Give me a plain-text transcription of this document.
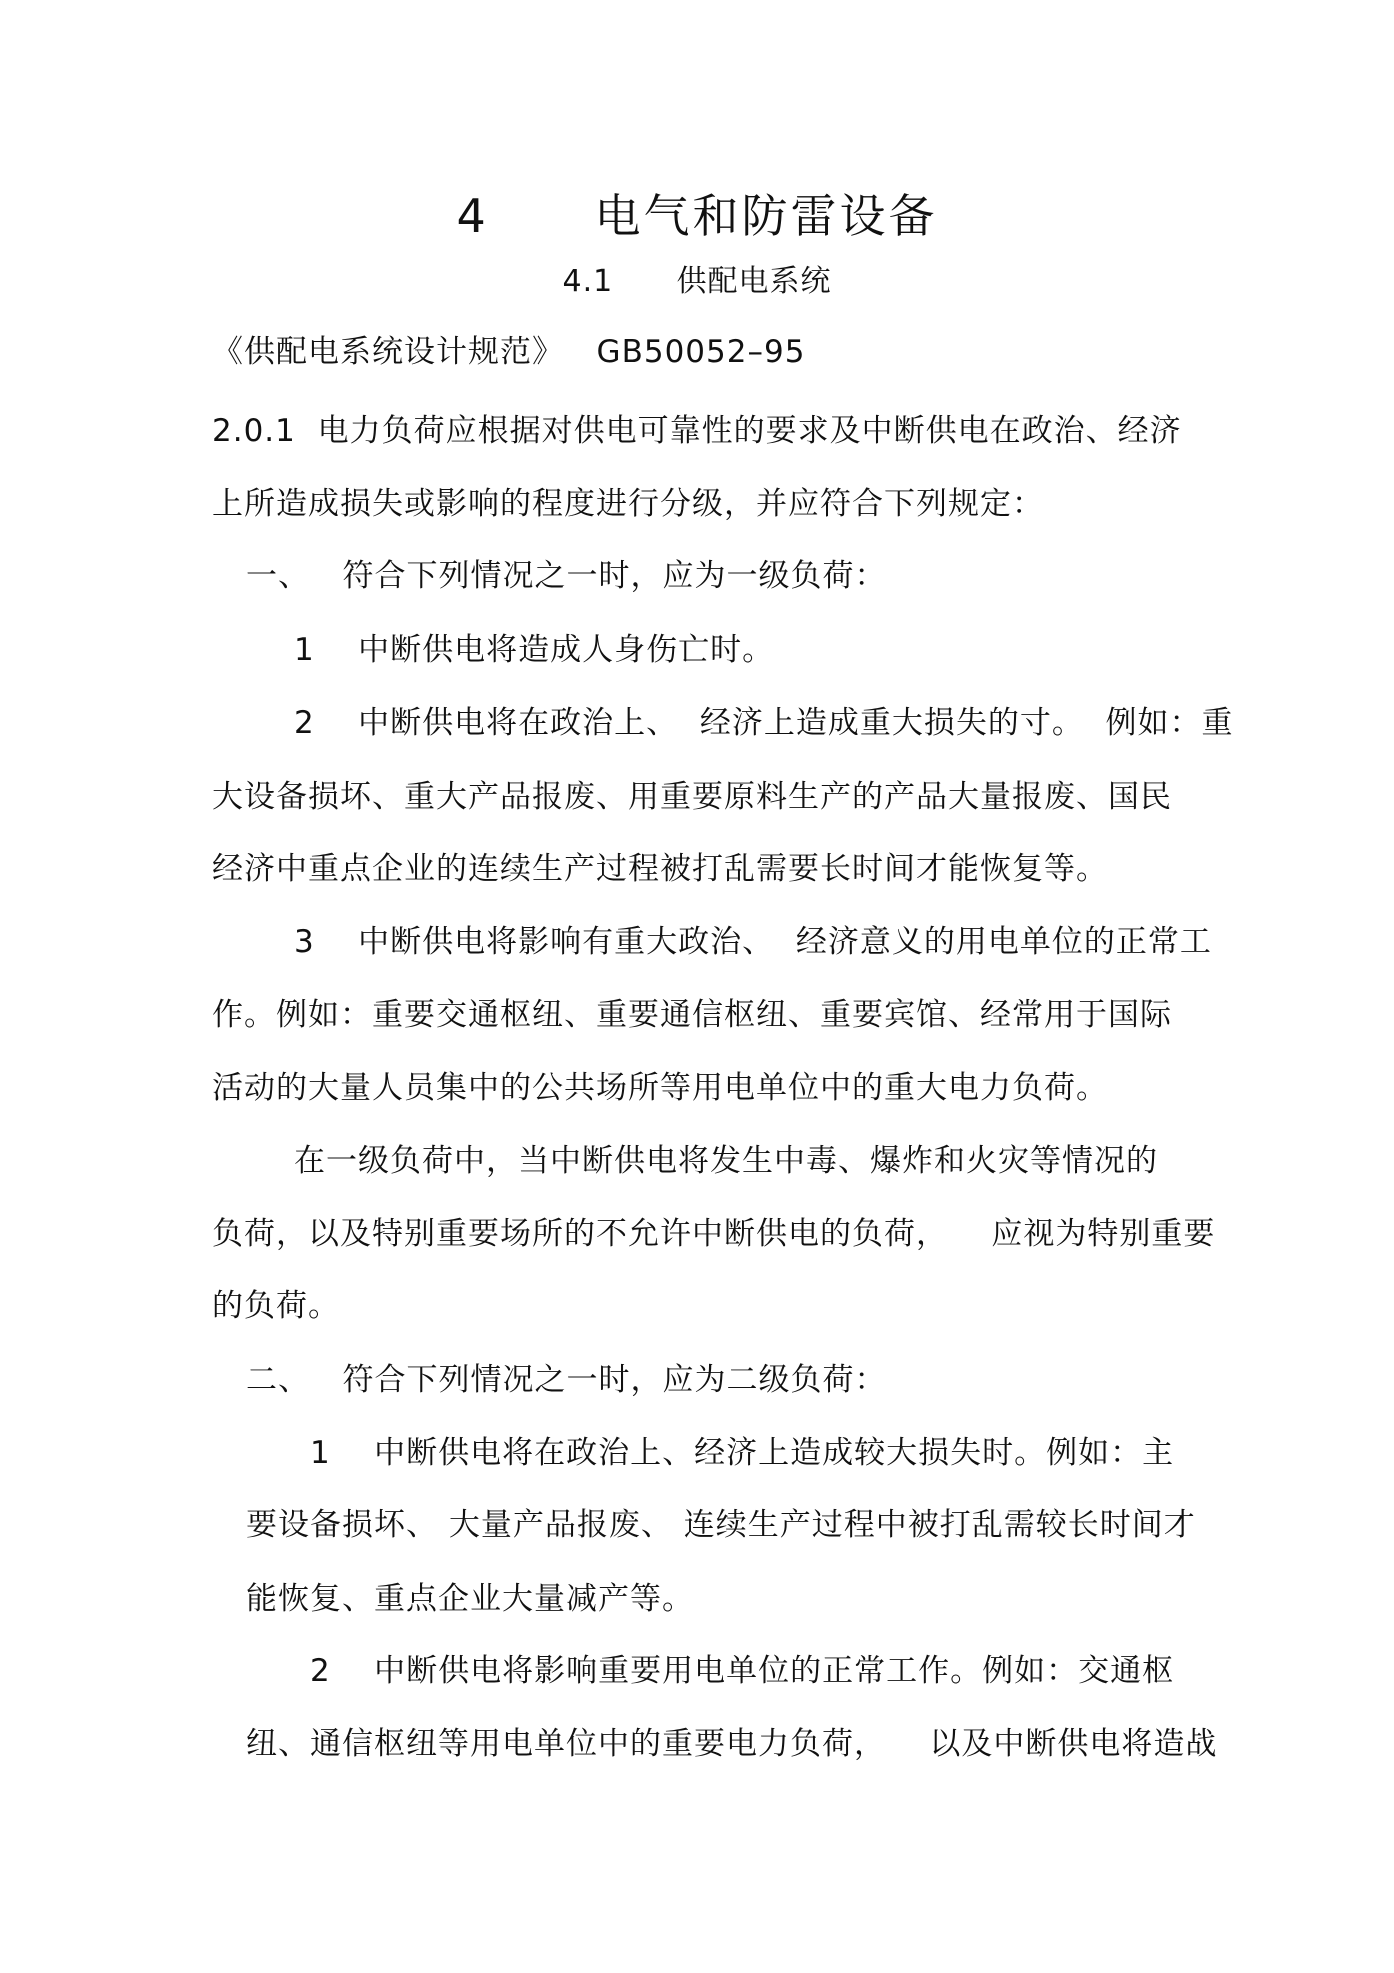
4 电气和防雷设备
4.1 供配电系统
《供配电系统设计规范》   GB50052–95
2.0.1  电力负荷应根据对供电可靠性的要求及中断供电在政治、经济
上所造成损失或影响的程度进行分级，并应符合下列规定：
一、   符合下列情况之一时，应为一级负荷：
1    中断供电将造成人身伤亡时。
2    中断供电将在政治上、  经济上造成重大损失的寸。  例如：重
大设备损坏、重大产品报废、用重要原料生产的产品大量报废、国民
经济中重点企业的连续生产过程被打乱需要长时间才能恢复等。
3    中断供电将影响有重大政治、  经济意义的用电单位的正常工
作。例如：重要交通枢纽、重要通信枢纽、重要宾馆、经常用于国际
活动的大量人员集中的公共场所等用电单位中的重大电力负荷。
在一级负荷中，当中断供电将发生中毒、爆炸和火灾等情况的
负荷，以及特别重要场所的不允许中断供电的负荷，    应视为特别重要
的负荷。
二、   符合下列情况之一时，应为二级负荷：
1    中断供电将在政治上、经济上造成较大损失时。例如：主
要设备损坏、 大量产品报废、 连续生产过程中被打乱需较长时间才
能恢复、重点企业大量减产等。
2    中断供电将影响重要用电单位的正常工作。例如：交通枢
纽、通信枢纽等用电单位中的重要电力负荷，    以及中断供电将造战
